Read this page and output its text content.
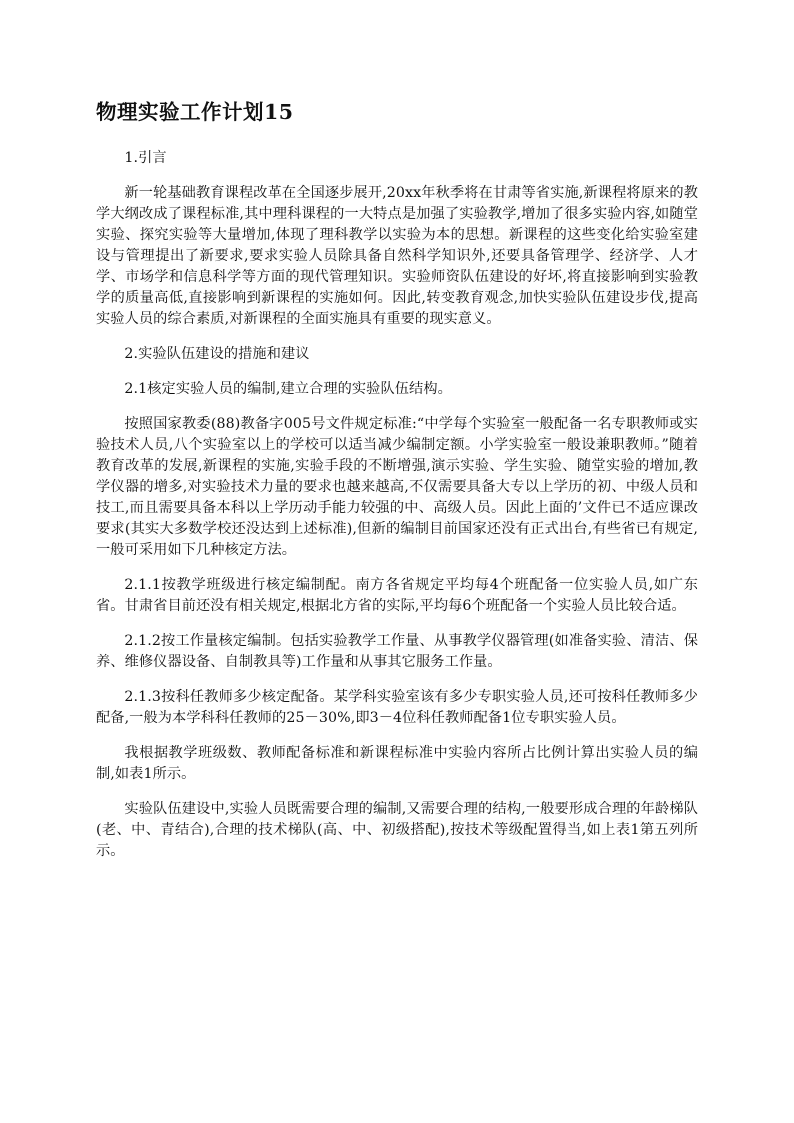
物理实验工作计划15

1.引言

新一轮基础教育课程改革在全国逐步展开,20xx年秋季将在甘肃等省实施,新课程将原来的教学大纲改成了课程标准,其中理科课程的一大特点是加强了实验教学,增加了很多实验内容,如随堂实验、探究实验等大量增加,体现了理科教学以实验为本的思想。新课程的这些变化给实验室建设与管理提出了新要求,要求实验人员除具备自然科学知识外,还要具备管理学、经济学、人才学、市场学和信息科学等方面的现代管理知识。实验师资队伍建设的好坏,将直接影响到实验教学的质量高低,直接影响到新课程的实施如何。因此,转变教育观念,加快实验队伍建设步伐,提高实验人员的综合素质,对新课程的全面实施具有重要的现实意义。

2.实验队伍建设的措施和建议

2.1核定实验人员的编制,建立合理的实验队伍结构。

按照国家教委(88)教备字005号文件规定标准:“中学每个实验室一般配备一名专职教师或实验技术人员,八个实验室以上的学校可以适当减少编制定额。小学实验室一般设兼职教师。”随着教育改革的发展,新课程的实施,实验手段的不断增强,演示实验、学生实验、随堂实验的增加,教学仪器的增多,对实验技术力量的要求也越来越高,不仅需要具备大专以上学历的初、中级人员和技工,而且需要具备本科以上学历动手能力较强的中、高级人员。因此上面的’文件已不适应课改要求(其实大多数学校还没达到上述标准),但新的编制目前国家还没有正式出台,有些省已有规定,一般可采用如下几种核定方法。

2.1.1按教学班级进行核定编制配。南方各省规定平均每4个班配备一位实验人员,如广东省。甘肃省目前还没有相关规定,根据北方省的实际,平均每6个班配备一个实验人员比较合适。

2.1.2按工作量核定编制。包括实验教学工作量、从事教学仪器管理(如准备实验、清洁、保养、维修仪器设备、自制教具等)工作量和从事其它服务工作量。

2.1.3按科任教师多少核定配备。某学科实验室该有多少专职实验人员,还可按科任教师多少配备,一般为本学科科任教师的25－30%,即3－4位科任教师配备1位专职实验人员。

我根据教学班级数、教师配备标准和新课程标准中实验内容所占比例计算出实验人员的编制,如表1所示。

实验队伍建设中,实验人员既需要合理的编制,又需要合理的结构,一般要形成合理的年龄梯队(老、中、青结合),合理的技术梯队(高、中、初级搭配),按技术等级配置得当,如上表1第五列所示。
